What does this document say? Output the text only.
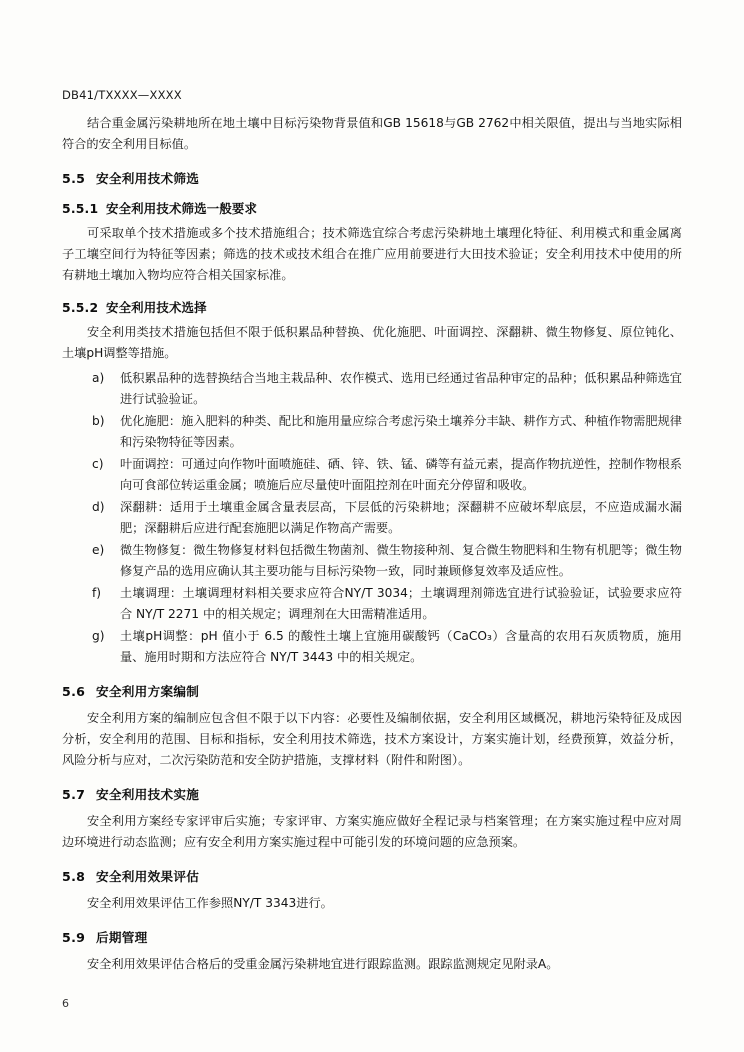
DB41/TXXXX—XXXX

结合重金属污染耕地所在地土壤中目标污染物背景值和GB 15618与GB 2762中相关限值，提出与当地实际相符合的安全利用目标值。

5.5 安全利用技术筛选
5.5.1 安全利用技术筛选一般要求

可采取单个技术措施或多个技术措施组合；技术筛选宜综合考虑污染耕地土壤理化特征、利用模式和重金属离子工壤空间行为特征等因素；筛选的技术或技术组合在推广应用前要进行大田技术验证；安全利用技术中使用的所有耕地土壤加入物均应符合相关国家标准。

5.5.2 安全利用技术选择

安全利用类技术措施包括但不限于低积累品种替换、优化施肥、叶面调控、深翻耕、微生物修复、原位钝化、土壤pH调整等措施。

a)	低积累品种的选替换结合当地主栽品种、农作模式、选用已经通过省品种审定的品种；低积累品种筛选宜进行试验验证。
b)	优化施肥：施入肥料的种类、配比和施用量应综合考虑污染土壤养分丰缺、耕作方式、种植作物需肥规律和污染物特征等因素。
c)	叶面调控：可通过向作物叶面喷施硅、硒、锌、铁、锰、磷等有益元素，提高作物抗逆性，控制作物根系向可食部位转运重金属；喷施后应尽量使叶面阻控剂在叶面充分停留和吸收。
d)	深翻耕：适用于土壤重金属含量表层高，下层低的污染耕地；深翻耕不应破坏犁底层，不应造成漏水漏肥；深翻耕后应进行配套施肥以满足作物高产需要。
e)	微生物修复：微生物修复材料包括微生物菌剂、微生物接种剂、复合微生物肥料和生物有机肥等；微生物修复产品的选用应确认其主要功能与目标污染物一致，同时兼顾修复效率及适应性。
f)	土壤调理：土壤调理材料相关要求应符合NY/T 3034；土壤调理剂筛选宜进行试验验证，试验要求应符合 NY/T 2271 中的相关规定；调理剂在大田需精准适用。
g)	土壤pH调整：pH 值小于 6.5 的酸性土壤上宜施用碳酸钙（CaCO₃）含量高的农用石灰质物质，施用量、施用时期和方法应符合 NY/T 3443 中的相关规定。
5.6 安全利用方案编制

安全利用方案的编制应包含但不限于以下内容：必要性及编制依据，安全利用区域概况，耕地污染特征及成因分析，安全利用的范围、目标和指标，安全利用技术筛选，技术方案设计，方案实施计划，经费预算，效益分析，风险分析与应对，二次污染防范和安全防护措施，支撑材料（附件和附图）。

5.7 安全利用技术实施

安全利用方案经专家评审后实施；专家评审、方案实施应做好全程记录与档案管理；在方案实施过程中应对周边环境进行动态监测；应有安全利用方案实施过程中可能引发的环境问题的应急预案。

5.8 安全利用效果评估

安全利用效果评估工作参照NY/T 3343进行。

5.9 后期管理

安全利用效果评估合格后的受重金属污染耕地宜进行跟踪监测。跟踪监测规定见附录A。

6
